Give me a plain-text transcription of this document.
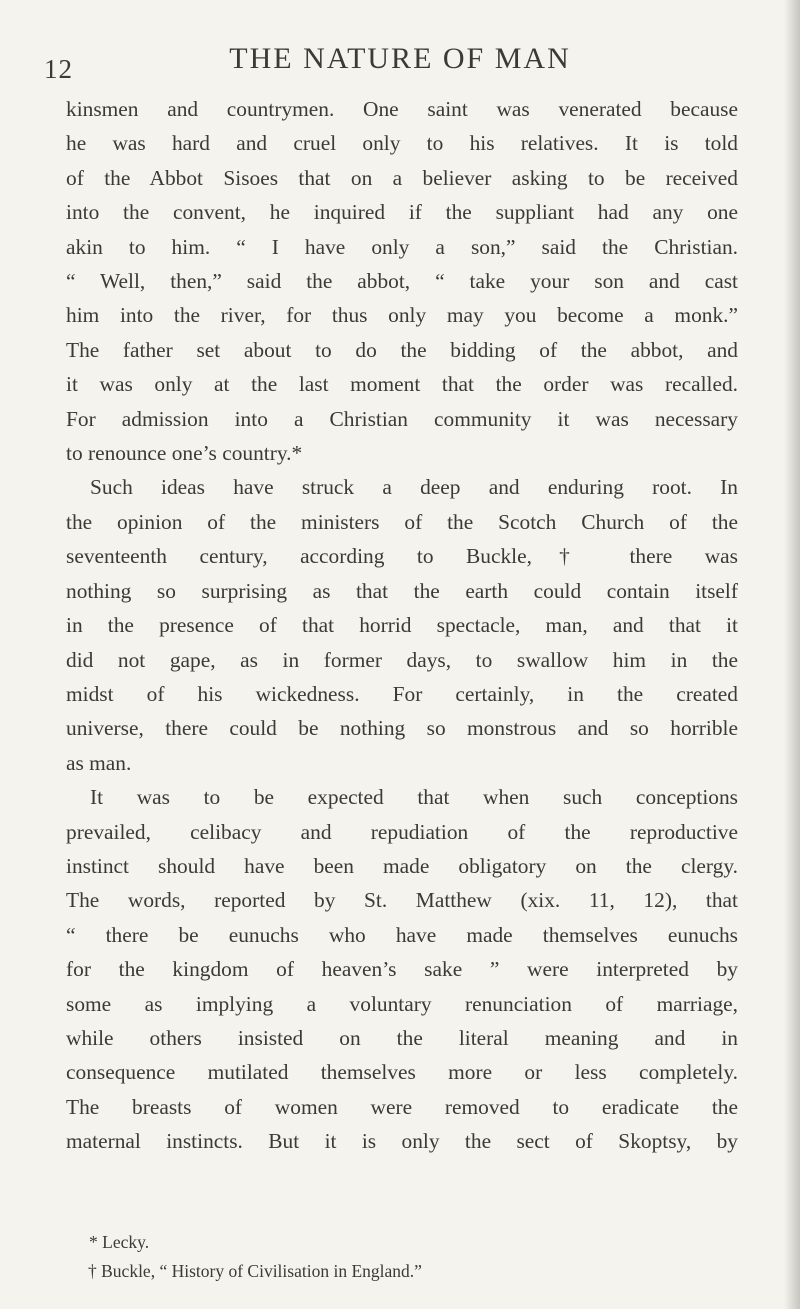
12	THE NATURE OF MAN
kinsmen and countrymen. One saint was venerated because
he was hard and cruel only to his relatives. It is told
of the Abbot Sisoes that on a believer asking to be received
into the convent, he inquired if the suppliant had any one
akin to him. “ I have only a son,” said the Christian.
“ Well, then,” said the abbot, “ take your son and cast
him into the river, for thus only may you become a monk.”
The father set about to do the bidding of the abbot, and
it was only at the last moment that the order was recalled.
For admission into a Christian community it was necessary
to renounce one’s country.*
Such ideas have struck a deep and enduring root. In
the opinion of the ministers of the Scotch Church of the
seventeenth century, according to Buckle,† there was
nothing so surprising as that the earth could contain itself
in the presence of that horrid spectacle, man, and that it
did not gape, as in former days, to swallow him in the
midst of his wickedness. For certainly, in the created
universe, there could be nothing so monstrous and so horrible
as man.
It was to be expected that when such conceptions
prevailed, celibacy and repudiation of the reproductive
instinct should have been made obligatory on the clergy.
The words, reported by St. Matthew (xix. 11, 12), that
“ there be eunuchs who have made themselves eunuchs
for the kingdom of heaven’s sake ” were interpreted by
some as implying a voluntary renunciation of marriage,
while others insisted on the literal meaning and in
consequence mutilated themselves more or less completely.
The breasts of women were removed to eradicate the
maternal instincts. But it is only the sect of Skoptsy, by
* Lecky.
† Buckle, “ History of Civilisation in England.”
